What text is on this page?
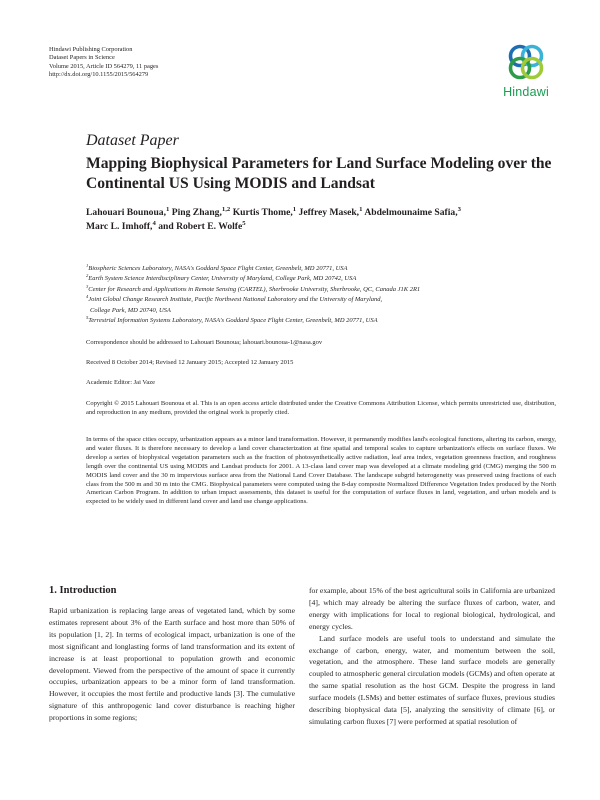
Hindawi Publishing Corporation
Dataset Papers in Science
Volume 2015, Article ID 564279, 11 pages
http://dx.doi.org/10.1155/2015/564279
Hindawi
Dataset Paper
Mapping Biophysical Parameters for Land Surface Modeling over the Continental US Using MODIS and Landsat
Lahouari Bounoua,$^1$ Ping Zhang,$^{1,2}$ Kurtis Thome,$^1$ Jeffrey Masek,$^1$ Abdelmounaime Safia,$^3$
Marc L. Imhoff,$^4$ and Robert E. Wolfe$^5$
$^1$Biospheric Sciences Laboratory, NASA's Goddard Space Flight Center, Greenbelt, MD 20771, USA
$^2$Earth System Science Interdisciplinary Center, University of Maryland, College Park, MD 20742, USA
$^3$Center for Research and Applications in Remote Sensing (CARTEL), Sherbrooke University, Sherbrooke, QC, Canada J1K 2R1
$^4$Joint Global Change Research Institute, Pacific Northwest National Laboratory and the University of Maryland,
College Park, MD 20740, USA
$^5$Terrestrial Information Systems Laboratory, NASA's Goddard Space Flight Center, Greenbelt, MD 20771, USA
Correspondence should be addressed to Lahouari Bounoua; lahouari.bounoua-1@nasa.gov
Received 8 October 2014; Revised 12 January 2015; Accepted 12 January 2015
Academic Editor: Jai Vaze
Copyright © 2015 Lahouari Bounoua et al. This is an open access article distributed under the Creative Commons Attribution License, which permits unrestricted use, distribution, and reproduction in any medium, provided the original work is properly cited.
In terms of the space cities occupy, urbanization appears as a minor land transformation. However, it permanently modifies land's ecological functions, altering its carbon, energy, and water fluxes. It is therefore necessary to develop a land cover characterization at fine spatial and temporal scales to capture urbanization's effects on surface fluxes. We develop a series of biophysical vegetation parameters such as the fraction of photosynthetically active radiation, leaf area index, vegetation greenness fraction, and roughness length over the continental US using MODIS and Landsat products for 2001. A 13-class land cover map was developed at a climate modeling grid (CMG) merging the 500 m MODIS land cover and the 30 m impervious surface area from the National Land Cover Database. The landscape subgrid heterogeneity was preserved using fractions of each class from the 500 m and 30 m into the CMG. Biophysical parameters were computed using the 8-day composite Normalized Difference Vegetation Index produced by the North American Carbon Program. In addition to urban impact assessments, this dataset is useful for the computation of surface fluxes in land, vegetation, and urban models and is expected to be widely used in different land cover and land use change applications.
1. Introduction

Rapid urbanization is replacing large areas of vegetated land, which by some estimates represent about 3% of the Earth surface and host more than 50% of its population [1, 2]. In terms of ecological impact, urbanization is one of the most significant and longlasting forms of land transformation and its extent of increase is at least proportional to population growth and economic development. Viewed from the perspective of the amount of space it currently occupies, urbanization appears to be a minor form of land transformation. However, it occupies the most fertile and productive lands [3]. The cumulative signature of this anthropogenic land cover disturbance is reaching higher proportions in some regions;

for example, about 15% of the best agricultural soils in California are urbanized [4], which may already be altering the surface fluxes of carbon, water, and energy with implications for local to regional biological, hydrological, and energy cycles.

Land surface models are useful tools to understand and simulate the exchange of carbon, energy, water, and momentum between the soil, vegetation, and the atmosphere. These land surface models are generally coupled to atmospheric general circulation models (GCMs) and often operate at the same spatial resolution as the host GCM. Despite the progress in land surface models (LSMs) and better estimates of surface fluxes, previous studies describing biophysical data [5], analyzing the sensitivity of climate [6], or simulating carbon fluxes [7] were performed at spatial resolution of
